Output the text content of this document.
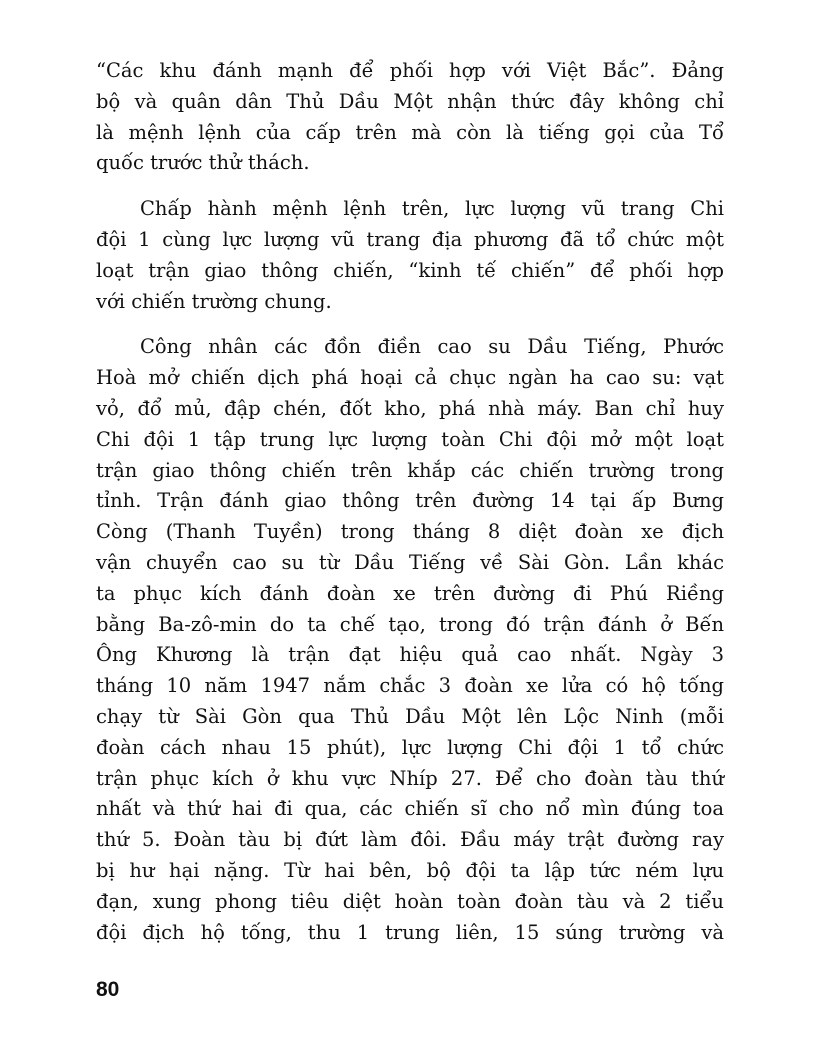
“Các khu đánh mạnh để phối hợp với Việt Bắc”. Đảng
bộ và quân dân Thủ Dầu Một nhận thức đây không chỉ
là mệnh lệnh của cấp trên mà còn là tiếng gọi của Tổ
quốc trước thử thách.
Chấp hành mệnh lệnh trên, lực lượng vũ trang Chi
đội 1 cùng lực lượng vũ trang địa phương đã tổ chức một
loạt trận giao thông chiến, “kinh tế chiến” để phối hợp
với chiến trường chung.
Công nhân các đồn điền cao su Dầu Tiếng, Phước
Hoà mở chiến dịch phá hoại cả chục ngàn ha cao su: vạt
vỏ, đổ mủ, đập chén, đốt kho, phá nhà máy. Ban chỉ huy
Chi đội 1 tập trung lực lượng toàn Chi đội mở một loạt
trận giao thông chiến trên khắp các chiến trường trong
tỉnh. Trận đánh giao thông trên đường 14 tại ấp Bưng
Còng (Thanh Tuyền) trong tháng 8 diệt đoàn xe địch
vận chuyển cao su từ Dầu Tiếng về Sài Gòn. Lần khác
ta phục kích đánh đoàn xe trên đường đi Phú Riềng
bằng Ba-zô-min do ta chế tạo, trong đó trận đánh ở Bến
Ông Khương là trận đạt hiệu quả cao nhất. Ngày 3
tháng 10 năm 1947 nắm chắc 3 đoàn xe lửa có hộ tống
chạy từ Sài Gòn qua Thủ Dầu Một lên Lộc Ninh (mỗi
đoàn cách nhau 15 phút), lực lượng Chi đội 1 tổ chức
trận phục kích ở khu vực Nhíp 27. Để cho đoàn tàu thứ
nhất và thứ hai đi qua, các chiến sĩ cho nổ mìn đúng toa
thứ 5. Đoàn tàu bị đứt làm đôi. Đầu máy trật đường ray
bị hư hại nặng. Từ hai bên, bộ đội ta lập tức ném lựu
đạn, xung phong tiêu diệt hoàn toàn đoàn tàu và 2 tiểu
đội địch hộ tống, thu 1 trung liên, 15 súng trường và
80
